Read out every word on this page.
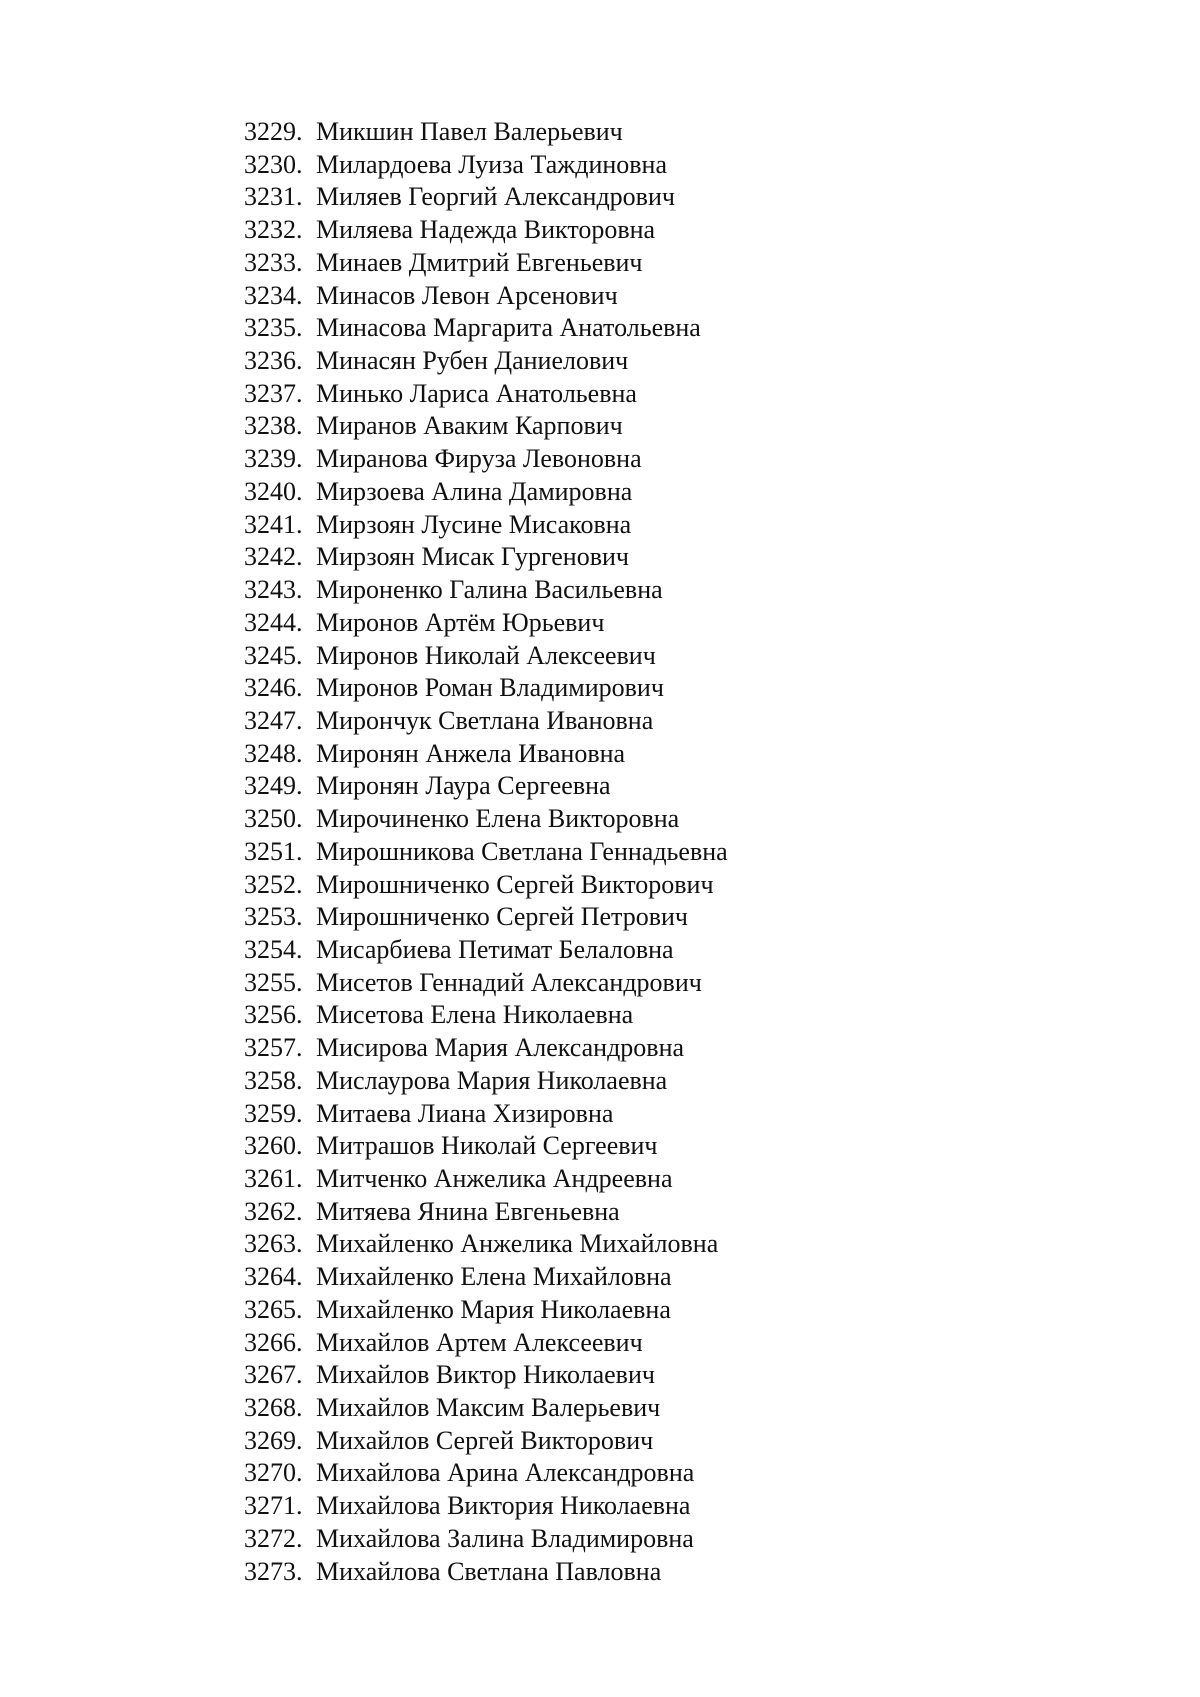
3229. Микшин Павел Валерьевич
3230. Милардоева Луиза Таждиновна
3231. Миляев Георгий Александрович
3232. Миляева Надежда Викторовна
3233. Минаев Дмитрий Евгеньевич
3234. Минасов Левон Арсенович
3235. Минасова Маргарита Анатольевна
3236. Минасян Рубен Даниелович
3237. Минько Лариса Анатольевна
3238. Миранов Аваким Карпович
3239. Миранова Фируза Левоновна
3240. Мирзоева Алина Дамировна
3241. Мирзоян Лусине Мисаковна
3242. Мирзоян Мисак Гургенович
3243. Мироненко Галина Васильевна
3244. Миронов Артём Юрьевич
3245. Миронов Николай Алексеевич
3246. Миронов Роман Владимирович
3247. Мирончук Светлана Ивановна
3248. Миронян Анжела Ивановна
3249. Миронян Лаура Сергеевна
3250. Мирочиненко Елена Викторовна
3251. Мирошникова Светлана Геннадьевна
3252. Мирошниченко Сергей Викторович
3253. Мирошниченко Сергей Петрович
3254. Мисарбиева Петимат Белаловна
3255. Мисетов Геннадий Александрович
3256. Мисетова Елена Николаевна
3257. Мисирова Мария Александровна
3258. Мислаурова Мария Николаевна
3259. Митаева Лиана Хизировна
3260. Митрашов Николай Сергеевич
3261. Митченко Анжелика Андреевна
3262. Митяева Янина Евгеньевна
3263. Михайленко Анжелика Михайловна
3264. Михайленко Елена Михайловна
3265. Михайленко Мария Николаевна
3266. Михайлов Артем Алексеевич
3267. Михайлов Виктор Николаевич
3268. Михайлов Максим Валерьевич
3269. Михайлов Сергей Викторович
3270. Михайлова Арина Александровна
3271. Михайлова Виктория Николаевна
3272. Михайлова Залина Владимировна
3273. Михайлова Светлана Павловна
